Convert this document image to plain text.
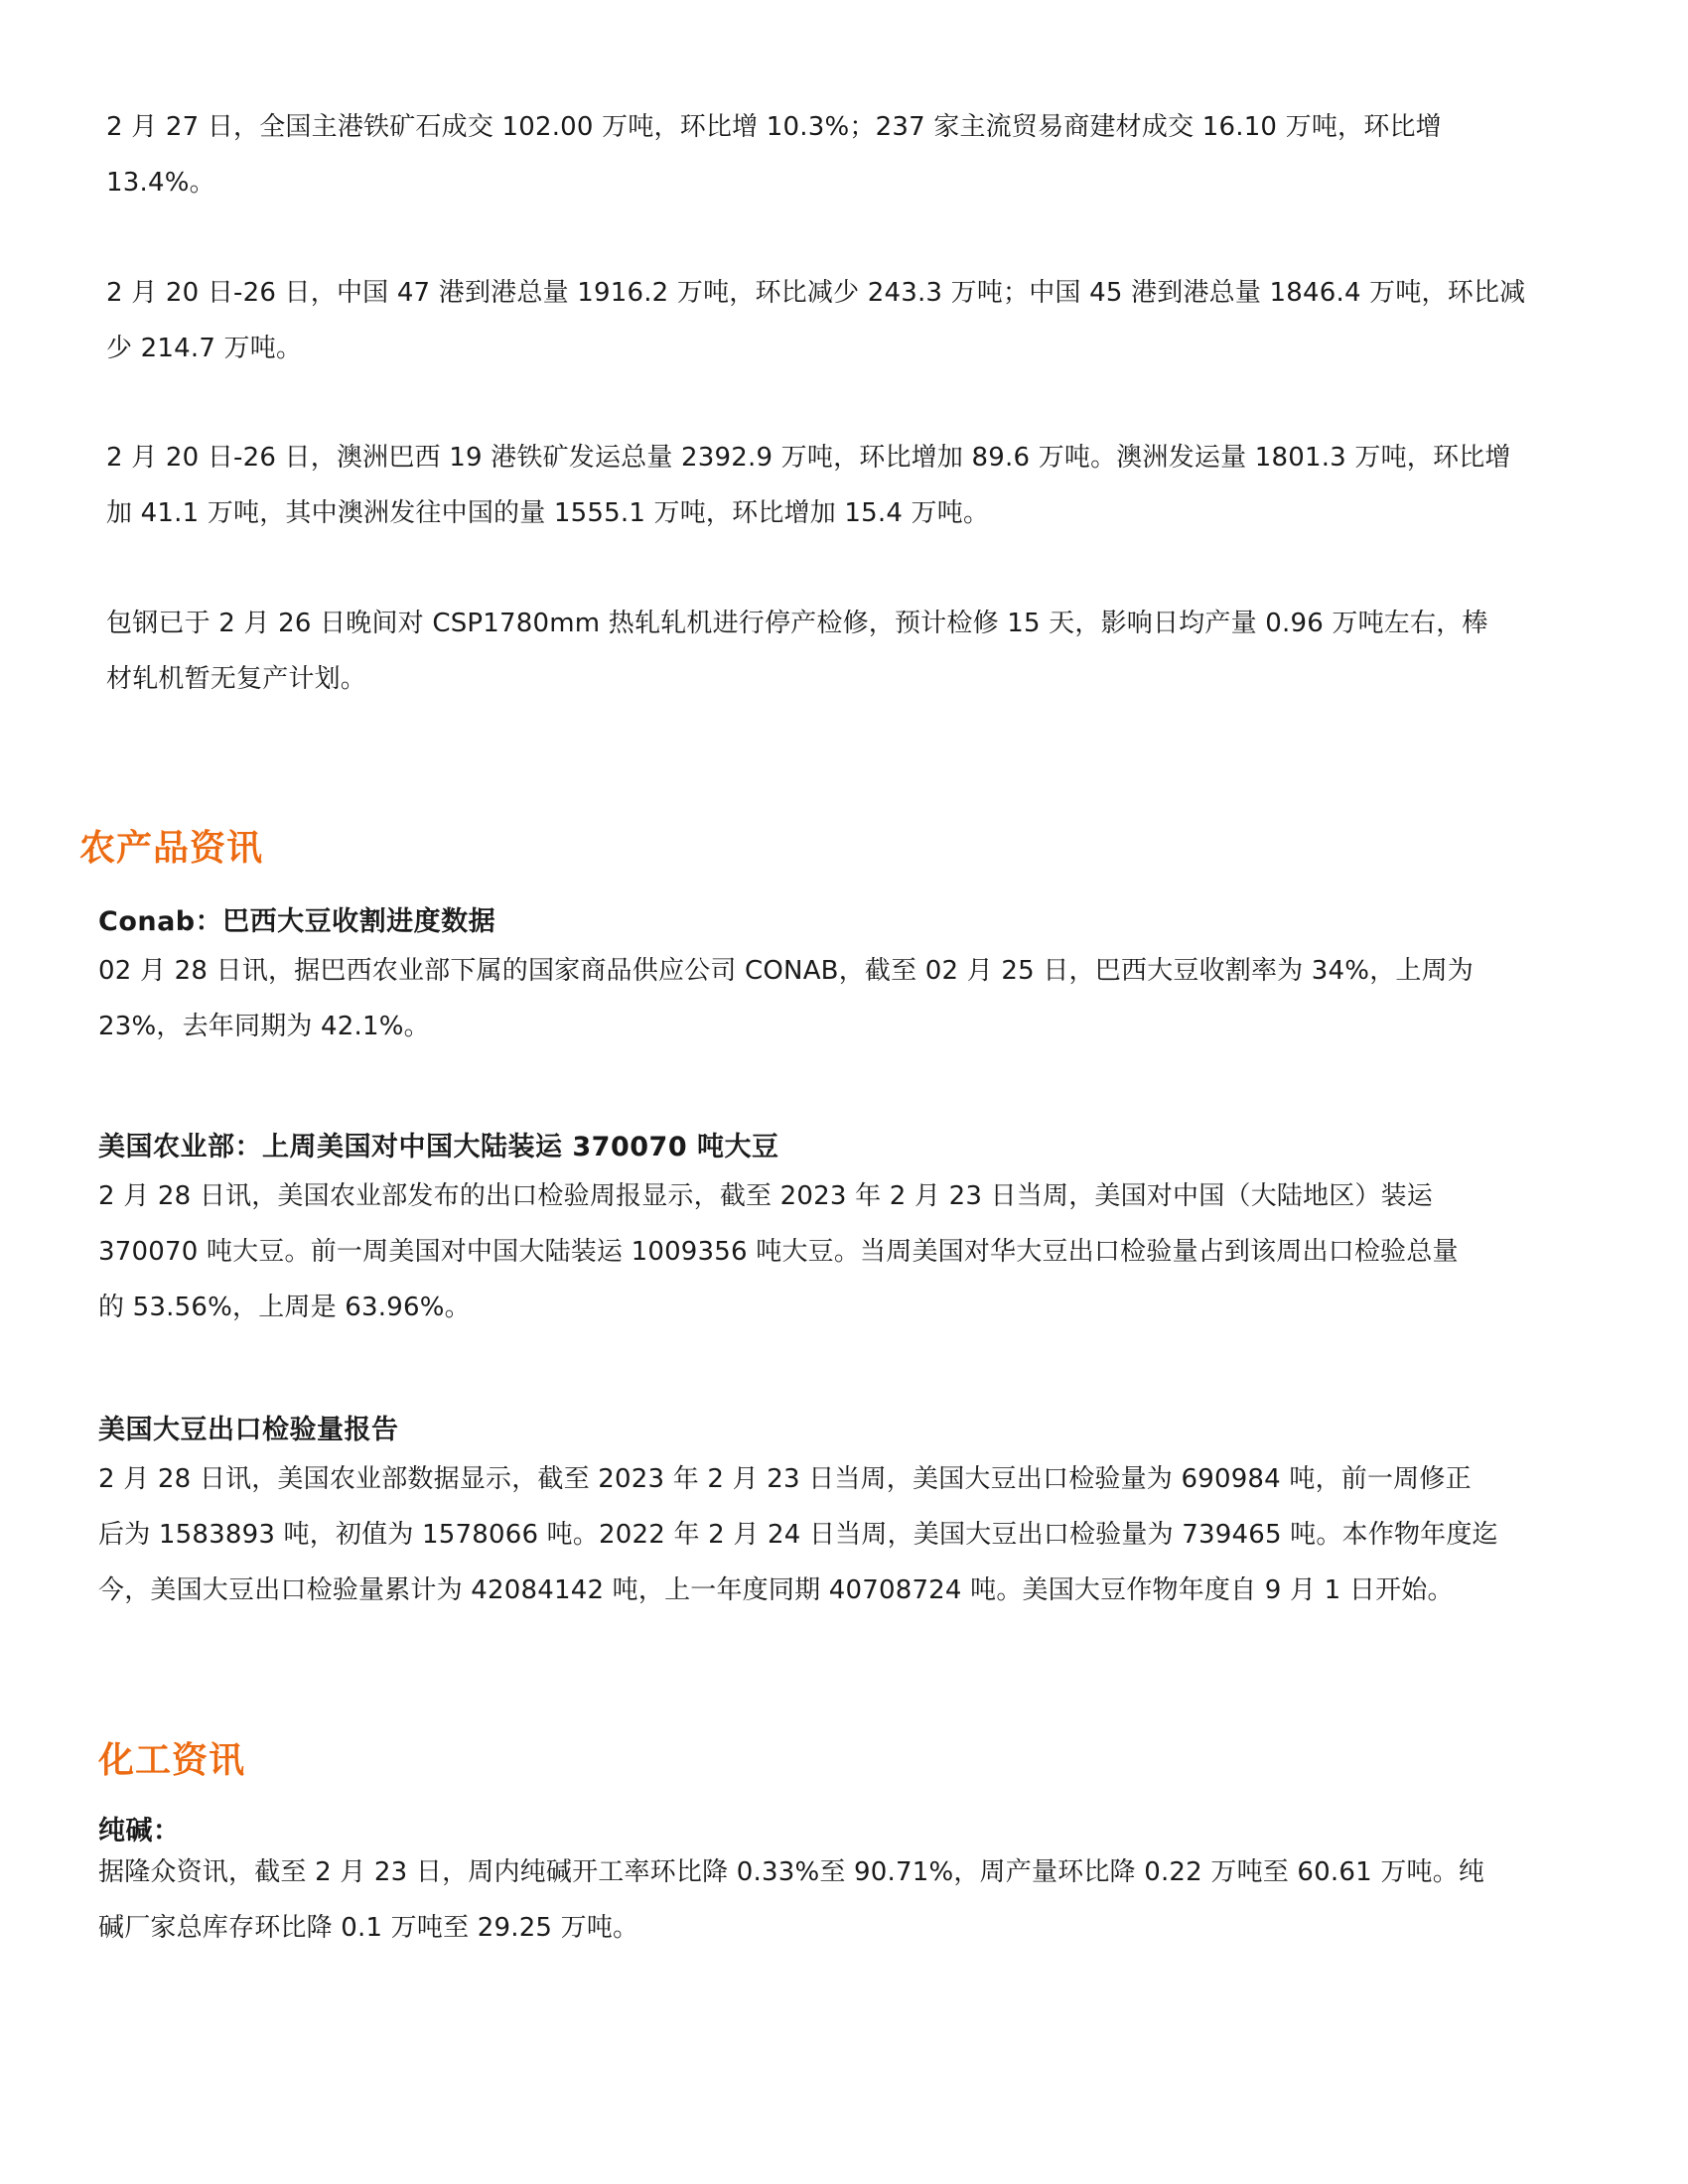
2 月 27 日，全国主港铁矿石成交 102.00 万吨，环比增 10.3%；237 家主流贸易商建材成交 16.10 万吨，环比增
13.4%。

2 月 20 日-26 日，中国 47 港到港总量 1916.2 万吨，环比减少 243.3 万吨；中国 45 港到港总量 1846.4 万吨，环比减
少 214.7 万吨。

2 月 20 日-26 日，澳洲巴西 19 港铁矿发运总量 2392.9 万吨，环比增加 89.6 万吨。澳洲发运量 1801.3 万吨，环比增
加 41.1 万吨，其中澳洲发往中国的量 1555.1 万吨，环比增加 15.4 万吨。

包钢已于 2 月 26 日晚间对 CSP1780mm 热轧轧机进行停产检修，预计检修 15 天，影响日均产量 0.96 万吨左右，棒
材轧机暂无复产计划。

农产品资讯
Conab：巴西大豆收割进度数据

02 月 28 日讯，据巴西农业部下属的国家商品供应公司 CONAB，截至 02 月 25 日，巴西大豆收割率为 34%，上周为
23%，去年同期为 42.1%。

美国农业部：上周美国对中国大陆装运 370070 吨大豆

2 月 28 日讯，美国农业部发布的出口检验周报显示，截至 2023 年 2 月 23 日当周，美国对中国（大陆地区）装运
370070 吨大豆。前一周美国对中国大陆装运 1009356 吨大豆。当周美国对华大豆出口检验量占到该周出口检验总量
的 53.56%，上周是 63.96%。

美国大豆出口检验量报告

2 月 28 日讯，美国农业部数据显示，截至 2023 年 2 月 23 日当周，美国大豆出口检验量为 690984 吨，前一周修正
后为 1583893 吨，初值为 1578066 吨。2022 年 2 月 24 日当周，美国大豆出口检验量为 739465 吨。本作物年度迄
今，美国大豆出口检验量累计为 42084142 吨，上一年度同期 40708724 吨。美国大豆作物年度自 9 月 1 日开始。

化工资讯
纯碱：

据隆众资讯，截至 2 月 23 日，周内纯碱开工率环比降 0.33%至 90.71%，周产量环比降 0.22 万吨至 60.61 万吨。纯
碱厂家总库存环比降 0.1 万吨至 29.25 万吨。
